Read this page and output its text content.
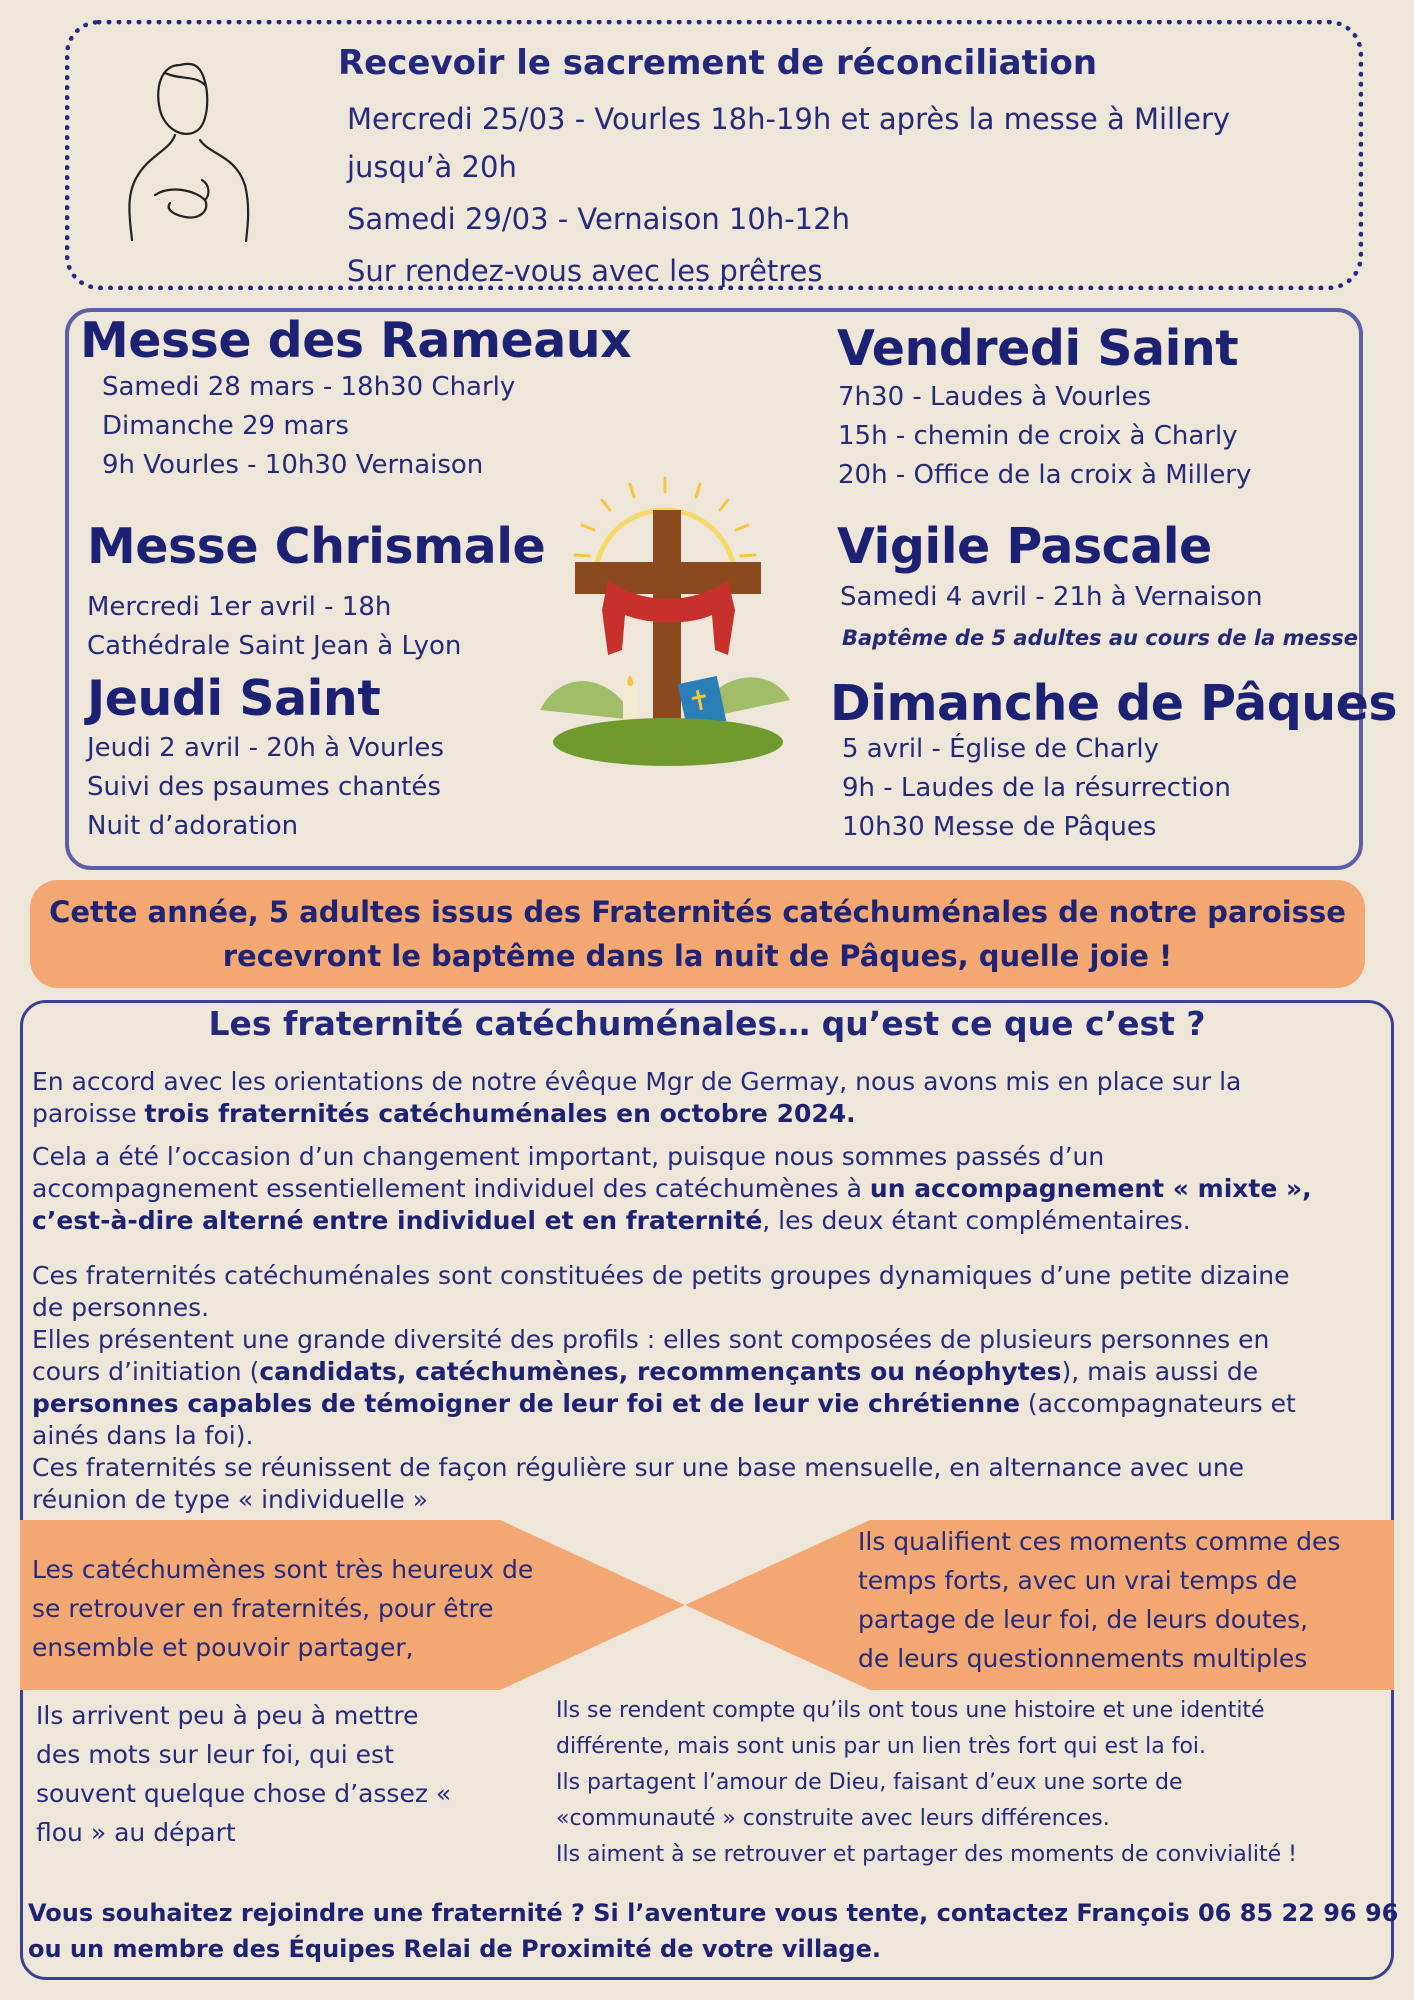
Recevoir le sacrement de réconciliation

Mercredi 25/03 - Vourles 18h-19h et après la messe à Millery

jusqu’à 20h

Samedi 29/03 - Vernaison 10h-12h

Sur rendez-vous avec les prêtres

Messe des Rameaux

Samedi 28 mars - 18h30 Charly

Dimanche 29 mars

9h Vourles - 10h30 Vernaison

Messe Chrismale

Mercredi 1er avril - 18h

Cathédrale Saint Jean à Lyon

Jeudi Saint

Jeudi 2 avril - 20h à Vourles

Suivi des psaumes chantés

Nuit d’adoration

Vendredi Saint

7h30 - Laudes à Vourles

15h - chemin de croix à Charly

20h - Office de la croix à Millery

Vigile Pascale

Samedi 4 avril - 21h à Vernaison

Baptême de 5 adultes au cours de la messe

Dimanche de Pâques

5 avril - Église de Charly

9h - Laudes de la résurrection

10h30 Messe de Pâques

Cette année, 5 adultes issus des Fraternités catéchuménales de notre paroisse
recevront le baptême dans la nuit de Pâques, quelle joie !
Les fraternité catéchuménales… qu’est ce que c’est ?

En accord avec les orientations de notre évêque Mgr de Germay, nous avons mis en place sur la

paroisse trois fraternités catéchuménales en octobre 2024.

Cela a été l’occasion d’un changement important, puisque nous sommes passés d’un

accompagnement essentiellement individuel des catéchumènes à un accompagnement « mixte »,

c’est-à-dire alterné entre individuel et en fraternité, les deux étant complémentaires.

Ces fraternités catéchuménales sont constituées de petits groupes dynamiques d’une petite dizaine

de personnes.

Elles présentent une grande diversité des profils : elles sont composées de plusieurs personnes en

cours d’initiation (candidats, catéchumènes, recommençants ou néophytes), mais aussi de

personnes capables de témoigner de leur foi et de leur vie chrétienne (accompagnateurs et

ainés dans la foi).

Ces fraternités se réunissent de façon régulière sur une base mensuelle, en alternance avec une

réunion de type « individuelle »

Les catéchumènes sont très heureux de

se retrouver en fraternités, pour être

ensemble et pouvoir partager,

Ils qualifient ces moments comme des

temps forts, avec un vrai temps de

partage de leur foi, de leurs doutes,

de leurs questionnements multiples

Ils arrivent peu à peu à mettre

des mots sur leur foi, qui est

souvent quelque chose d’assez «

flou » au départ

Ils se rendent compte qu’ils ont tous une histoire et une identité

différente, mais sont unis par un lien très fort qui est la foi.

Ils partagent l’amour de Dieu, faisant d’eux une sorte de

«communauté » construite avec leurs différences.

Ils aiment à se retrouver et partager des moments de convivialité !

Vous souhaitez rejoindre une fraternité ? Si l’aventure vous tente, contactez François 06 85 22 96 96

ou un membre des Équipes Relai de Proximité de votre village.
